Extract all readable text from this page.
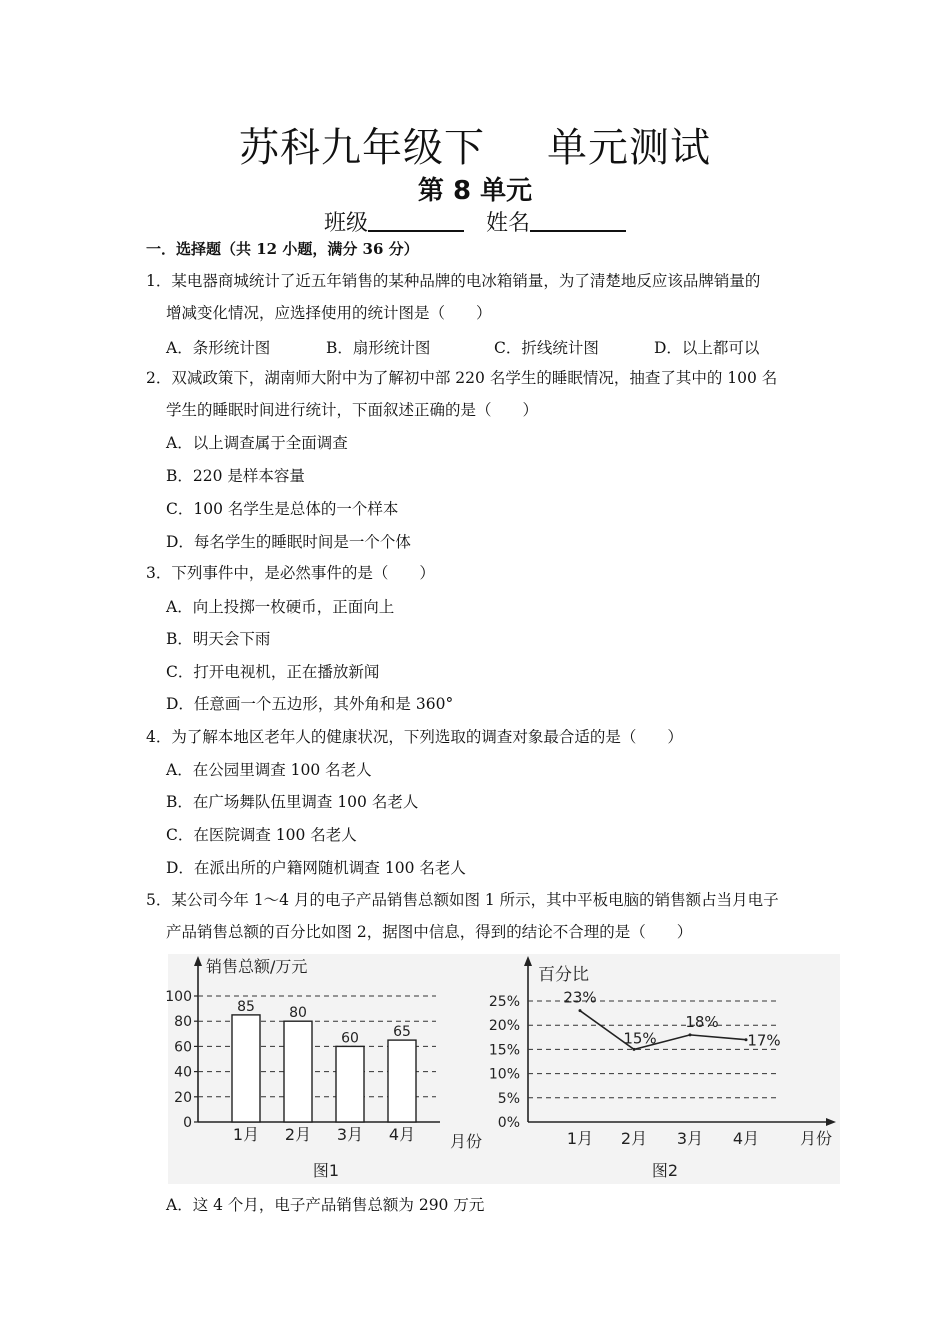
苏科九年级下 单元测试
第 8 单元
班级	姓名
一．选择题（共 12 小题，满分 36 分）
1．某电器商城统计了近五年销售的某种品牌的电冰箱销量，为了清楚地反应该品牌销量的
增减变化情况，应选择使用的统计图是（　　）
A．条形统计图	B．扇形统计图	C．折线统计图	D．以上都可以
2．双减政策下，湖南师大附中为了解初中部 220 名学生的睡眠情况，抽查了其中的 100 名
学生的睡眠时间进行统计，下面叙述正确的是（　　）
A．以上调查属于全面调查
B．220 是样本容量
C．100 名学生是总体的一个样本
D．每名学生的睡眠时间是一个个体
3．下列事件中，是必然事件的是（　　）
A．向上投掷一枚硬币，正面向上
B．明天会下雨
C．打开电视机，正在播放新闻
D．任意画一个五边形，其外角和是 360°
4．为了解本地区老年人的健康状况，下列选取的调查对象最合适的是（　　）
A．在公园里调查 100 名老人
B．在广场舞队伍里调查 100 名老人
C．在医院调查 100 名老人
D．在派出所的户籍网随机调查 100 名老人
5．某公司今年 1～4 月的电子产品销售总额如图 1 所示，其中平板电脑的销售额占当月电子
产品销售总额的百分比如图 2，据图中信息，得到的结论不合理的是（　　）
销售总额/万元
月份
图1
0
20
40
60
80
100
85
1月
80
2月
60
3月
65
4月
百分比
月份
图2
0%
5%
10%
15%
20%
25%	23%
1月
15%
2月
18%
3月
17%
4月
A．这 4 个月，电子产品销售总额为 290 万元
